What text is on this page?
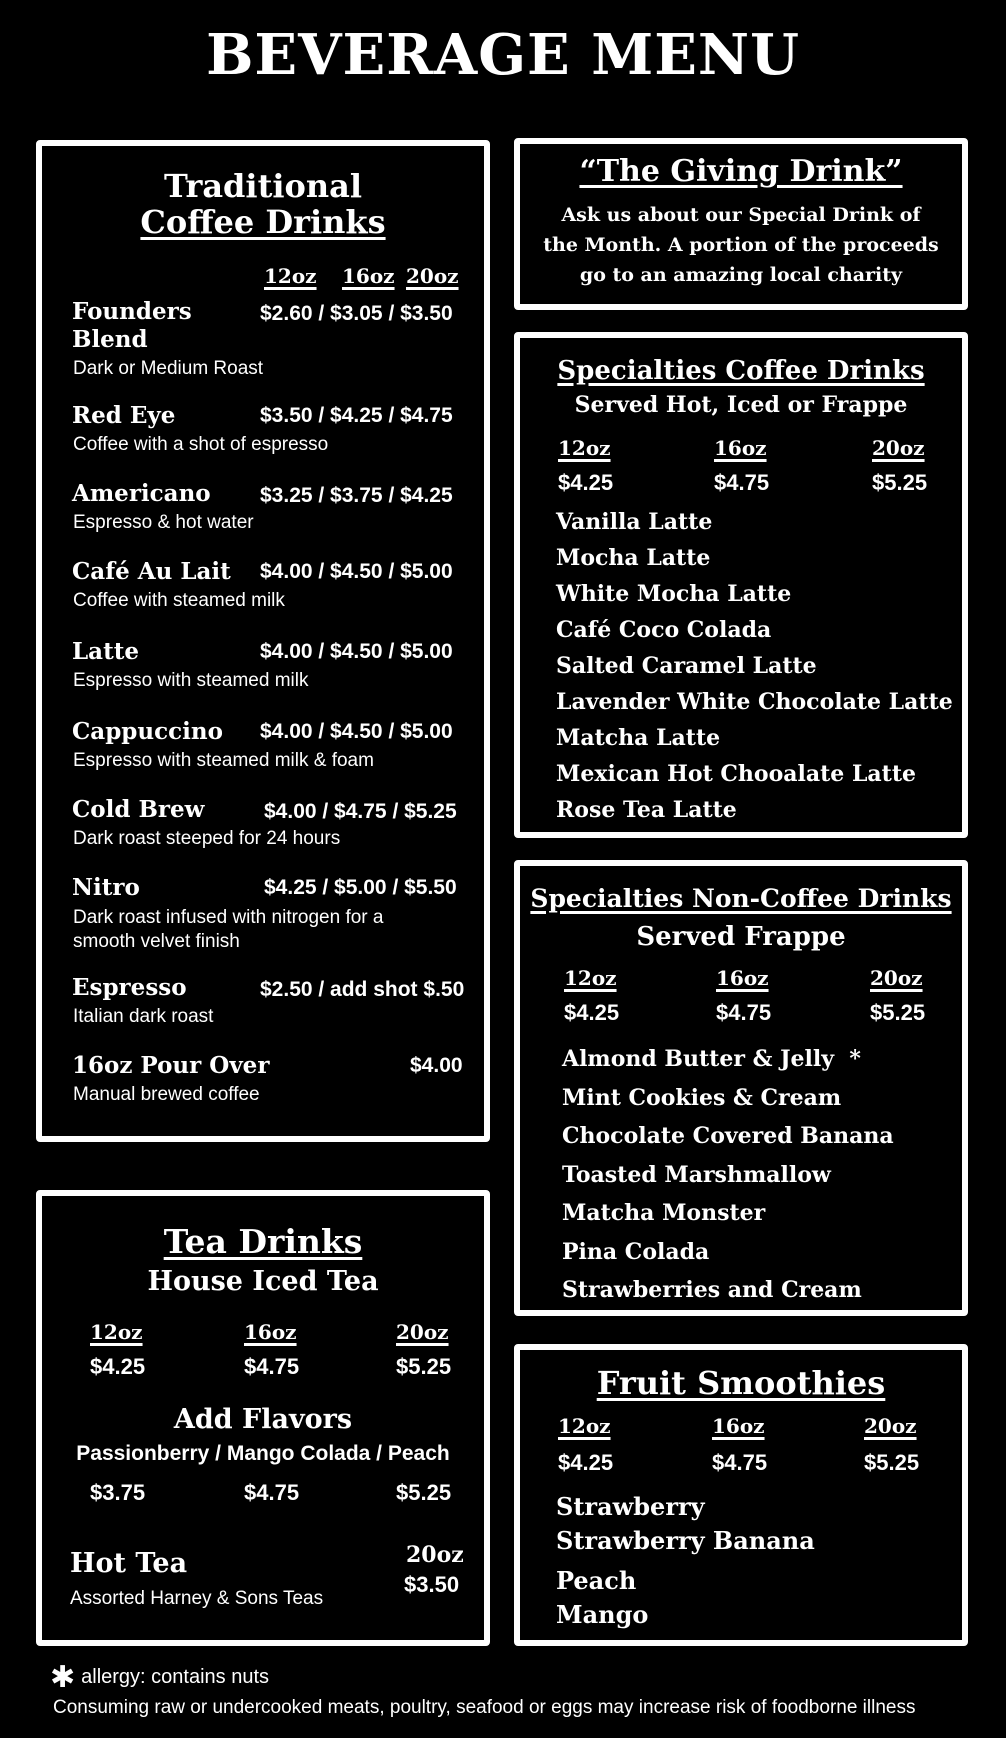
BEVERAGE MENU
Traditional
Coffee Drinks
12oz 16oz 20oz
Founders
Blend
$2.60 / $3.05 / $3.50
Dark or Medium Roast
Red Eye	$3.50 / $4.25 / $4.75
Coffee with a shot of espresso
Americano $3.25 / $3.75 / $4.25
Espresso & hot water
Café Au Lait $4.00 / $4.50 / $5.00
Coffee with steamed milk
Latte	$4.00 / $4.50 / $5.00
Espresso with steamed milk
Cappuccino $4.00 / $4.50 / $5.00
Espresso with steamed milk & foam
Cold Brew	$4.00 / $4.75 / $5.25
Dark roast steeped for 24 hours
Nitro	$4.25 / $5.00 / $5.50
Dark roast infused with nitrogen for a
smooth velvet finish
Espresso	$2.50 / add shot $.50
Italian dark roast
16oz Pour Over	$4.00
Manual brewed coffee
“The Giving Drink”
Ask us about our Special Drink of
the Month. A portion of the proceeds
go to an amazing local charity
Specialties Coffee Drinks
Served Hot, Iced or Frappe
12oz	16oz	20oz
$4.25	$4.75	$5.25
Vanilla Latte
Mocha Latte
White Mocha Latte
Café Coco Colada
Salted Caramel Latte
Lavender White Chocolate Latte
Matcha Latte
Mexican Hot Chooalate Latte
Rose Tea Latte
Specialties Non-Coffee Drinks
Served Frappe
12oz	16oz	20oz
$4.25	$4.75	$5.25
Almond Butter & Jelly *
Mint Cookies & Cream
Chocolate Covered Banana
Toasted Marshmallow
Matcha Monster
Pina Colada
Strawberries and Cream
Tea Drinks
House Iced Tea
12oz	16oz	20oz
$4.25	$4.75	$5.25
Add Flavors
Passionberry / Mango Colada / Peach
$3.75	$4.75	$5.25
Hot Tea	20oz
$3.50
Assorted Harney & Sons Teas
Fruit Smoothies
12oz	16oz	20oz
$4.25	$4.75	$5.25
Strawberry
Strawberry Banana
Peach
Mango
✱ allergy: contains nuts
Consuming raw or undercooked meats, poultry, seafood or eggs may increase risk of foodborne illness
